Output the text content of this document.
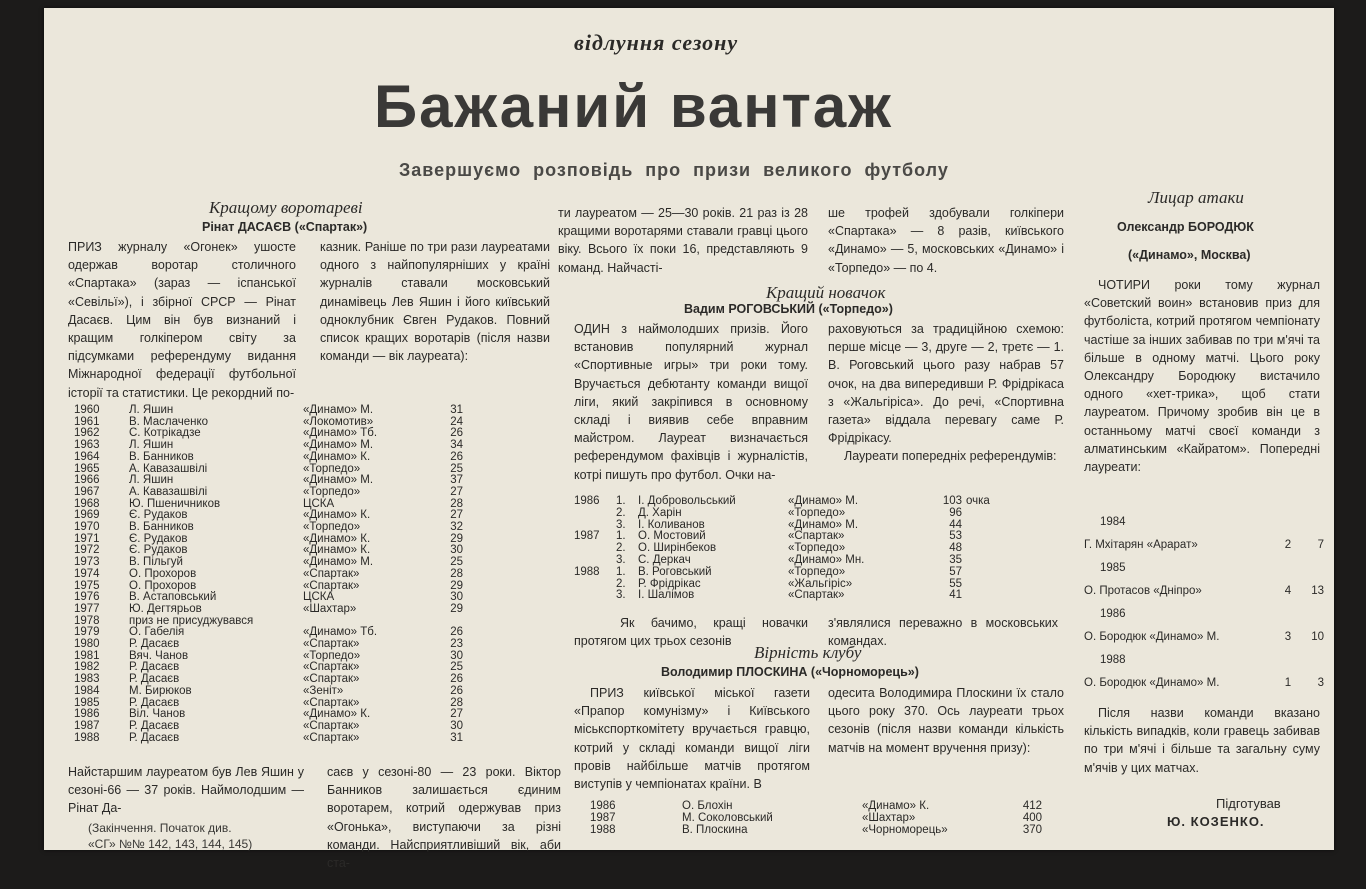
відлуння сезону
Бажаний вантаж
Завершуємо розповідь про призи великого футболу
Кращому воротареві
Рінат ДАСАЄВ («Спартак»)

ПРИЗ журналу «Огонек» ушосте одержав воротар столичного «Спартака» (зараз — іспанської «Севільї»), і збірної СРСР — Рінат Дасаєв. Цим він був визнаний і кращим голкіпером світу за підсумками референдуму видання Міжнародної федерації футбольної історії та статистики. Це рекордний по-

казник. Раніше по три рази лауреатами одного з найпопулярніших у країні журналів ставали московський динамівець Лев Яшин і його київський одноклубник Євген Рудаков. Повний список кращих воротарів (після назви команди — вік лауреата):

1960	Л. Яшин	«Динамо» М.	31
1961	В. Маслаченко	«Локомотив»	24
1962	С. Котрікадзе	«Динамо» Тб.	26
1963	Л. Яшин	«Динамо» М.	34
1964	В. Банников	«Динамо» К.	26
1965	А. Кавазашвілі	«Торпедо»	25
1966	Л. Яшин	«Динамо» М.	37
1967	А. Кавазашвілі	«Торпедо»	27
1968	Ю. Пшеничников	ЦСКА	28
1969	Є. Рудаков	«Динамо» К.	27
1970	В. Банников	«Торпедо»	32
1971	Є. Рудаков	«Динамо» К.	29
1972	Є. Рудаков	«Динамо» К.	30
1973	В. Пільгуй	«Динамо» М.	25
1974	О. Прохоров	«Спартак»	28
1975	О. Прохоров	«Спартак»	29
1976	В. Астаповський	ЦСКА	30
1977	Ю. Дегтярьов	«Шахтар»	29
1978	приз не присуджувався
1979	О. Габелія	«Динамо» Тб.	26
1980	Р. Дасаєв	«Спартак»	23
1981	Вяч. Чанов	«Торпедо»	30
1982	Р. Дасаєв	«Спартак»	25
1983	Р. Дасаєв	«Спартак»	26
1984	М. Бирюков	«Зеніт»	26
1985	Р. Дасаєв	«Спартак»	28
1986	Віл. Чанов	«Динамо» К.	27
1987	Р. Дасаєв	«Спартак»	30
1988	Р. Дасаєв	«Спартак»	31

Найстаршим лауреатом був Лев Яшин у сезоні-66 — 37 років. Наймолодшим — Рінат Да-

(Закінчення. Початок див.
«СГ» №№ 142, 143, 144, 145)

саєв у сезоні-80 — 23 роки. Віктор Банников залишається єдиним воротарем, котрий одержував приз «Огонька», виступаючи за різні команди. Найсприятливіший вік, аби ста-

ти лауреатом — 25—30 років. 21 раз із 28 кращими воротарями ставали гравці цього віку. Всього їх поки 16, представляють 9 команд. Найчасті-

ше трофей здобували голкіпери «Спартака» — 8 разів, київського «Динамо» — 5, московських «Динамо» і «Торпедо» — по 4.

Кращий новачок
Вадим РОГОВСЬКИЙ («Торпедо»)

ОДИН з наймолодших призів. Його встановив популярний журнал «Спортивные игры» три роки тому. Вручається дебютанту команди вищої ліги, який закріпився в основному складі і виявив себе вправним майстром. Лауреат визначається референдумом фахівців і журналістів, котрі пишуть про футбол. Очки на-

раховуються за традиційною схемою: перше місце — 3, друге — 2, третє — 1. В. Роговський цього разу набрав 57 очок, на два випередивши Р. Фрідрікаса з «Жальгіріса». До речі, «Спортивна газета» віддала перевагу саме Р. Фрідрікасу.

Лауреати попередніх референдумів:

1986	1.	І. Добровольський	«Динамо» М.	103 очка
2.	Д. Харін	«Торпедо»	96
3.	І. Коливанов	«Динамо» М.	44
1987	1.	О. Мостовий	«Спартак»	53
2.	О. Ширінбеков	«Торпедо»	48
3.	С. Деркач	«Динамо» Мн.	35
1988	1.	В. Роговський	«Торпедо»	57
2.	Р. Фрідрікас	«Жальгіріс»	55
3.	І. Шалімов	«Спартак»	41

Як бачимо, кращі новачки протягом цих трьох сезонів

з'являлися переважно в московських командах.

Вірність клубу
Володимир ПЛОСКИНА («Чорноморець»)

ПРИЗ київської міської газети «Прапор комунізму» і Київського міськспорткомітету вручається гравцю, котрий у складі команди вищої ліги провів найбільше матчів протягом виступів у чемпіонатах країни. В

одесита Володимира Плоскини їх стало цього року 370. Ось лауреати трьох сезонів (після назви команди кількість матчів на момент вручення призу):

1986	О. Блохін	«Динамо» К.	412
1987	М. Соколовський	«Шахтар»	400
1988	В. Плоскина	«Чорноморець»	370
Лицар атаки
Олександр БОРОДЮК
(«Динамо», Москва)

ЧОТИРИ роки тому журнал «Советский воин» встановив приз для футболіста, котрий протягом чемпіонату частіше за інших забивав по три м'ячі та більше в одному матчі. Цього року Олександру Бородюку вистачило одного «хет-трика», щоб стати лауреатом. Причому зробив він це в останньому матчі своєї команди з алматинським «Кайратом». Попередні лауреати:

1984
Г. Мхітарян «Арарат»	2	7
1985
О. Протасов «Дніпро»	4	13
1986
О. Бородюк «Динамо» М.	3	10
1988
О. Бородюк «Динамо» М.	1	3

Після назви команди вказано кількість випадків, коли гравець забивав по три м'ячі і більше та загальну суму м'ячів у цих матчах.

Підготував
Ю. КОЗЕНКО.
